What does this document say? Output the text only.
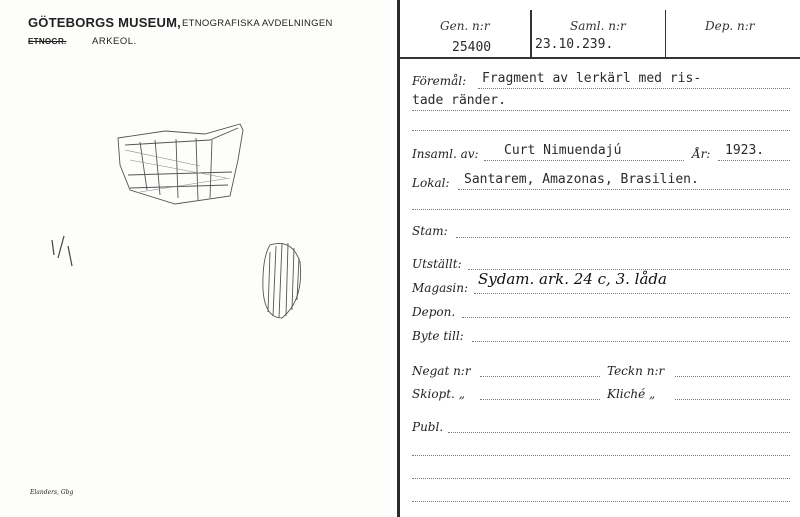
GÖTEBORGS MUSEUM, ETNOGRAFISKA AVDELNINGEN
ETNOGR.	ARKEOL.
Elanders, Gbg
Gen. n:r	Saml. n:r	Dep. n:r
25400	23.10.239.
Föremål: Fragment av lerkärl med ris-
tade ränder.
Insaml. av: Curt Nimuendajú	År: 1923.
Lokal: Santarem, Amazonas, Brasilien.
Stam:
Utställt:
Magasin: Sydam. ark. 24 c, 3. låda
Depon.
Byte till:
Negat n:r	Teckn n:r
Skiopt. „	Kliché „
Publ.
